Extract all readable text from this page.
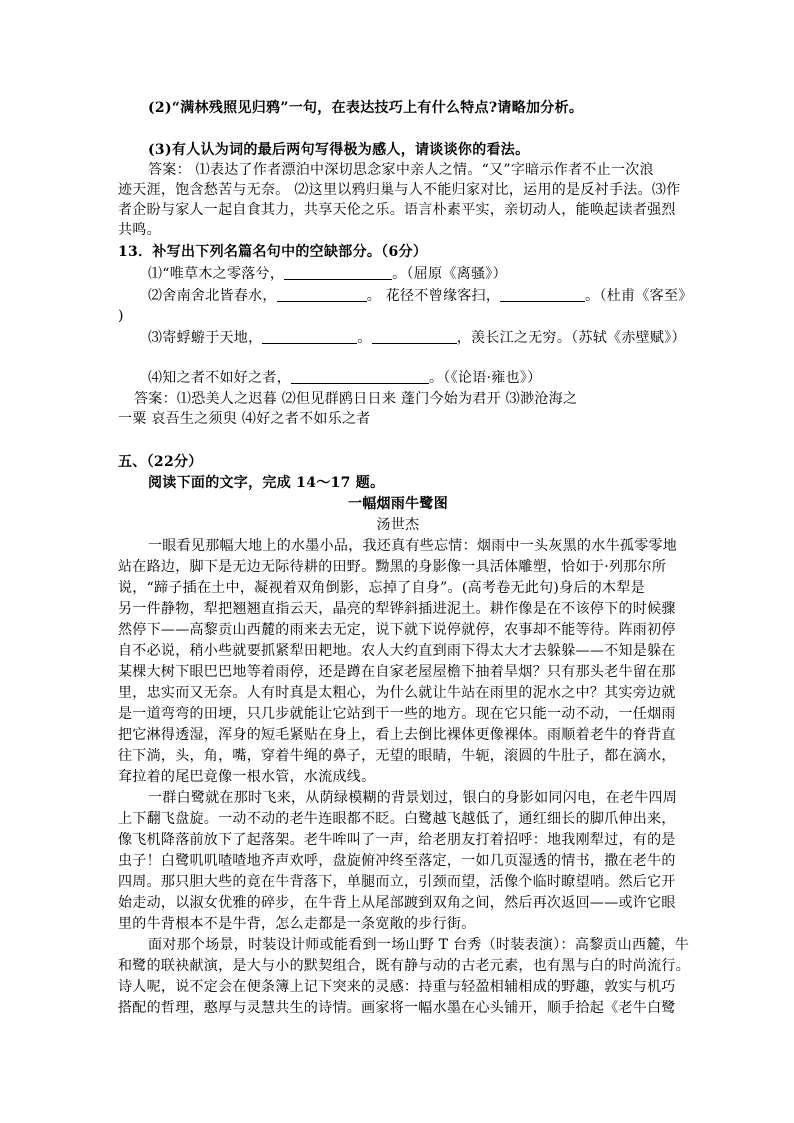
(2)“满林残照见归鸦”一句，在表达技巧上有什么特点?请略加分析。
(3)有人认为词的最后两句写得极为感人，请谈谈你的看法。
答案： ⑴表达了作者漂泊中深切思念家中亲人之情。“又”字暗示作者不止一次浪
迹天涯，饱含愁苦与无奈。 ⑵这里以鸦归巢与人不能归家对比，运用的是反衬手法。⑶作
者企盼与家人一起自食其力，共享天伦之乐。语言朴素平实，亲切动人，能唤起读者强烈
共鸣。
13．补写出下列名篇名句中的空缺部分。（6分）
⑴“唯草木之零落兮，	。（屈原《离骚》）
⑵舍南舍北皆春水，	。 花径不曾缘客扫，	。（杜甫《客至》
)
⑶寄蜉蝣于天地，	。	，羡长江之无穷。（苏轼《赤壁赋》）
⑷知之者不如好之者，	。（《论语·雍也》）
答案：⑴恐美人之迟暮 ⑵但见群鸥日日来 蓬门今始为君开 ⑶渺沧海之
一粟 哀吾生之须臾 ⑷好之者不如乐之者
五、（22分）
阅读下面的文字，完成 14～17 题。
一幅烟雨牛鹭图
汤世杰
一眼看见那幅大地上的水墨小品，我还真有些忘情：烟雨中一头灰黑的水牛孤零零地
站在路边，脚下是无边无际待耕的田野。黝黑的身影像一具活体雕塑，恰如于·列那尔所
说，“蹄子插在土中，凝视着双角倒影，忘掉了自身”。(高考卷无此句)身后的木犁是
另一件静物，犁把翘翘直指云天，晶亮的犁铧斜插进泥土。耕作像是在不该停下的时候骤
然停下——高黎贡山西麓的雨来去无定，说下就下说停就停，农事却不能等待。阵雨初停
自不必说，稍小些就要抓紧犁田耙地。农人大约直到雨下得太大才去躲躲——不知是躲在
某棵大树下眼巴巴地等着雨停，还是蹲在自家老屋屋檐下抽着旱烟？只有那头老牛留在那
里，忠实而又无奈。人有时真是太粗心，为什么就让牛站在雨里的泥水之中？其实旁边就
是一道弯弯的田埂，只几步就能让它站到干一些的地方。现在它只能一动不动，一任烟雨
把它淋得透湿，浑身的短毛紧贴在身上，看上去倒比裸体更像裸体。雨顺着老牛的脊背直
往下淌，头，角，嘴，穿着牛绳的鼻子，无望的眼睛，牛轭，滚圆的牛肚子，都在滴水，
耷拉着的尾巴竟像一根水管，水流成线。
一群白鹭就在那时飞来，从荫绿模糊的背景划过，银白的身影如同闪电，在老牛四周
上下翻飞盘旋。一动不动的老牛连眼都不眨。白鹭越飞越低了，通红细长的脚爪伸出来，
像飞机降落前放下了起落架。老牛哞叫了一声，给老朋友打着招呼：地我刚犁过，有的是
虫子！白鹭叽叽喳喳地齐声欢呼，盘旋俯冲终至落定，一如几页湿透的情书，撒在老牛的
四周。那只胆大些的竟在牛背落下，单腿而立，引颈而望，活像个临时瞭望哨。然后它开
始走动，以淑女优雅的碎步，在牛背上从尾部踱到双角之间，然后再次返回——或许它眼
里的牛背根本不是牛背，怎么走都是一条宽敞的步行街。
面对那个场景，时装设计师或能看到一场山野 T 台秀（时装表演）：高黎贡山西麓，牛
和鹭的联袂献演，是大与小的默契组合，既有静与动的古老元素，也有黑与白的时尚流行。
诗人呢，说不定会在便条簿上记下突来的灵感：持重与轻盈相辅相成的野趣，敦实与机巧
搭配的哲理，憨厚与灵慧共生的诗情。画家将一幅水墨在心头铺开，顺手拾起《老牛白鹭
